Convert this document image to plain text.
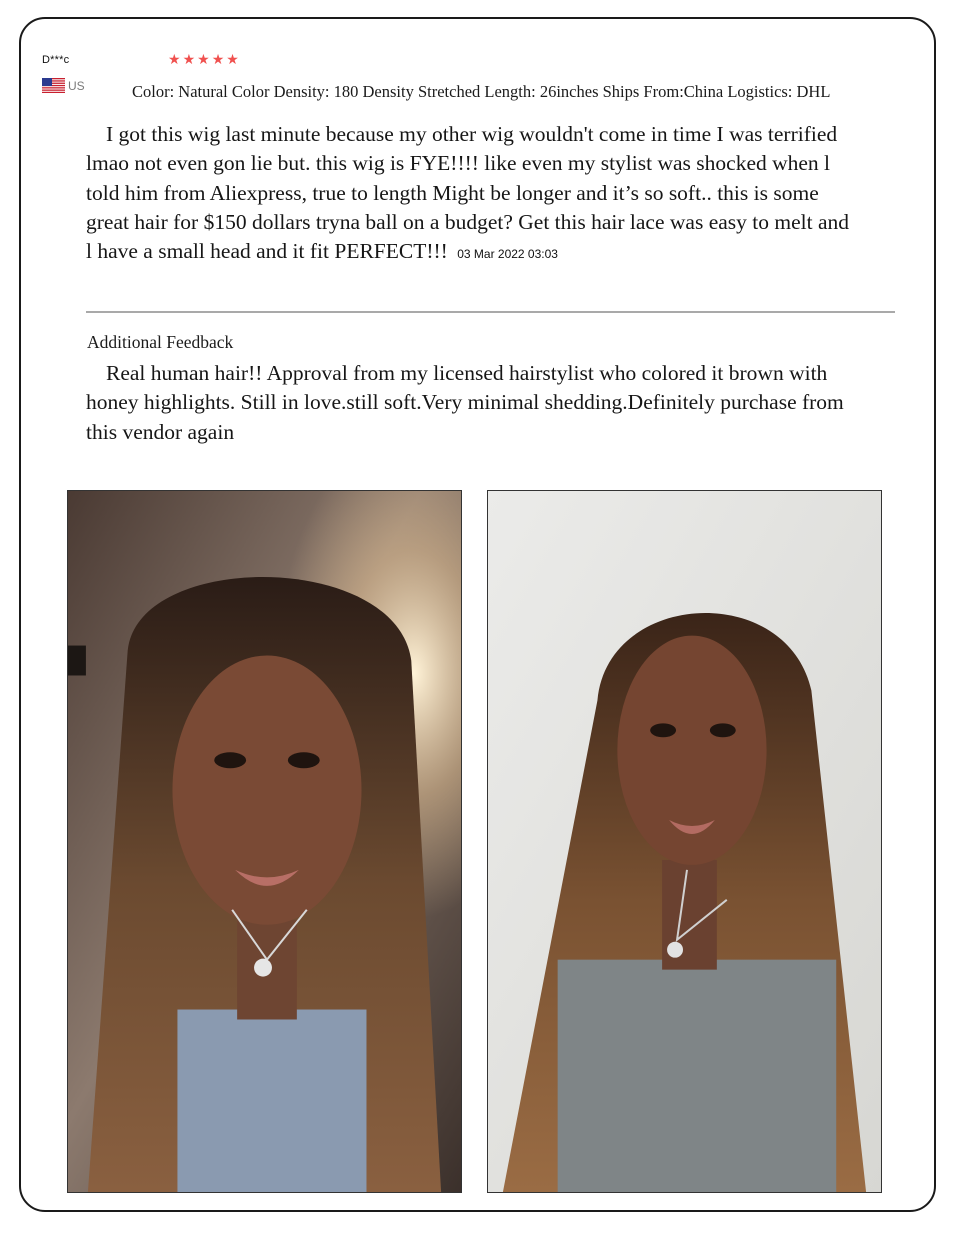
D***c	★ ★ ★ ★ ★
US	Color: Natural Color Density: 180 Density Stretched Length: 26inches Ships From:China Logistics: DHL
I got this wig last minute because my other wig wouldn't come in time I was terrified lmao not even gon lie but. this wig is FYE!!!! like even my stylist was shocked when l told him from Aliexpress, true to length Might be longer and it’s so soft.. this is some great hair for $150 dollars tryna ball on a budget? Get this hair lace was easy to melt and l have a small head and it fit PERFECT!!! 03 Mar 2022 03:03
Additional Feedback
Real human hair!! Approval from my licensed hairstylist who colored it brown with honey highlights. Still in love.still soft.Very minimal shedding.Definitely purchase from this vendor again
